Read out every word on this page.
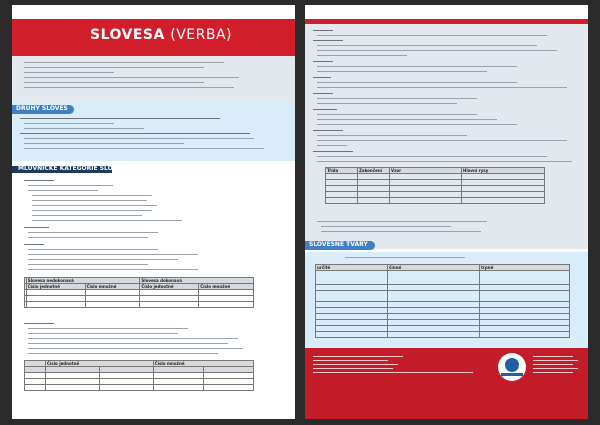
SLOVESA (VERBA)
DRUHY SLOVES
MLUVNICKÉ KATEGORIE SLOVES
	Slovesa nedokonavá		Slovesa dokonavá	
	Číslo jednotné	Číslo množné	Číslo jednotné	Číslo množné

	Číslo jednotné		Číslo množné	

Třída	Zakončení	Vzor	Hlavní rysy

SLOVESNÉ TVARY
určité	činné	trpné
